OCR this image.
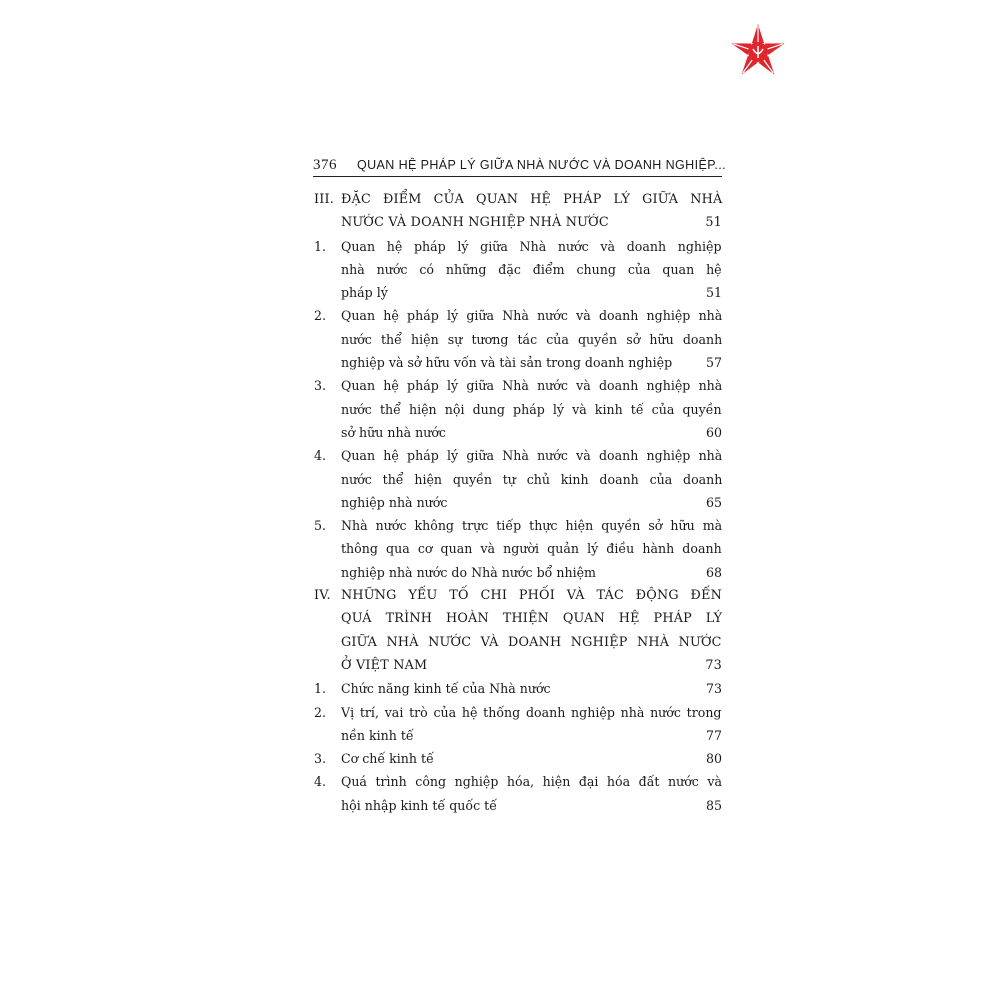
376 QUAN HỆ PHÁP LÝ GIỮA NHÀ NƯỚC VÀ DOANH NGHIỆP...
III. ĐẶC ĐIỂM CỦA QUAN HỆ PHÁP LÝ GIỮA NHÀ
NƯỚC VÀ DOANH NGHIỆP NHÀ NƯỚC	51
1. Quan hệ pháp lý giữa Nhà nước và doanh nghiệp
nhà nước có những đặc điểm chung của quan hệ
pháp lý	51
2. Quan hệ pháp lý giữa Nhà nước và doanh nghiệp nhà
nước thể hiện sự tương tác của quyền sở hữu doanh
nghiệp và sở hữu vốn và tài sản trong doanh nghiệp	57
3. Quan hệ pháp lý giữa Nhà nước và doanh nghiệp nhà
nước thể hiện nội dung pháp lý và kinh tế của quyền
sở hữu nhà nước	60
4. Quan hệ pháp lý giữa Nhà nước và doanh nghiệp nhà
nước thể hiện quyền tự chủ kinh doanh của doanh
nghiệp nhà nước	65
5. Nhà nước không trực tiếp thực hiện quyền sở hữu mà
thông qua cơ quan và người quản lý điều hành doanh
nghiệp nhà nước do Nhà nước bổ nhiệm	68
IV. NHỮNG YẾU TỐ CHI PHỐI VÀ TÁC ĐỘNG ĐẾN
QUÁ TRÌNH HOÀN THIỆN QUAN HỆ PHÁP LÝ
GIỮA NHÀ NƯỚC VÀ DOANH NGHIỆP NHÀ NƯỚC
Ở VIỆT NAM	73
1. Chức năng kinh tế của Nhà nước	73
2. Vị trí, vai trò của hệ thống doanh nghiệp nhà nước trong
nền kinh tế	77
3. Cơ chế kinh tế	80
4. Quá trình công nghiệp hóa, hiện đại hóa đất nước và
hội nhập kinh tế quốc tế	85
